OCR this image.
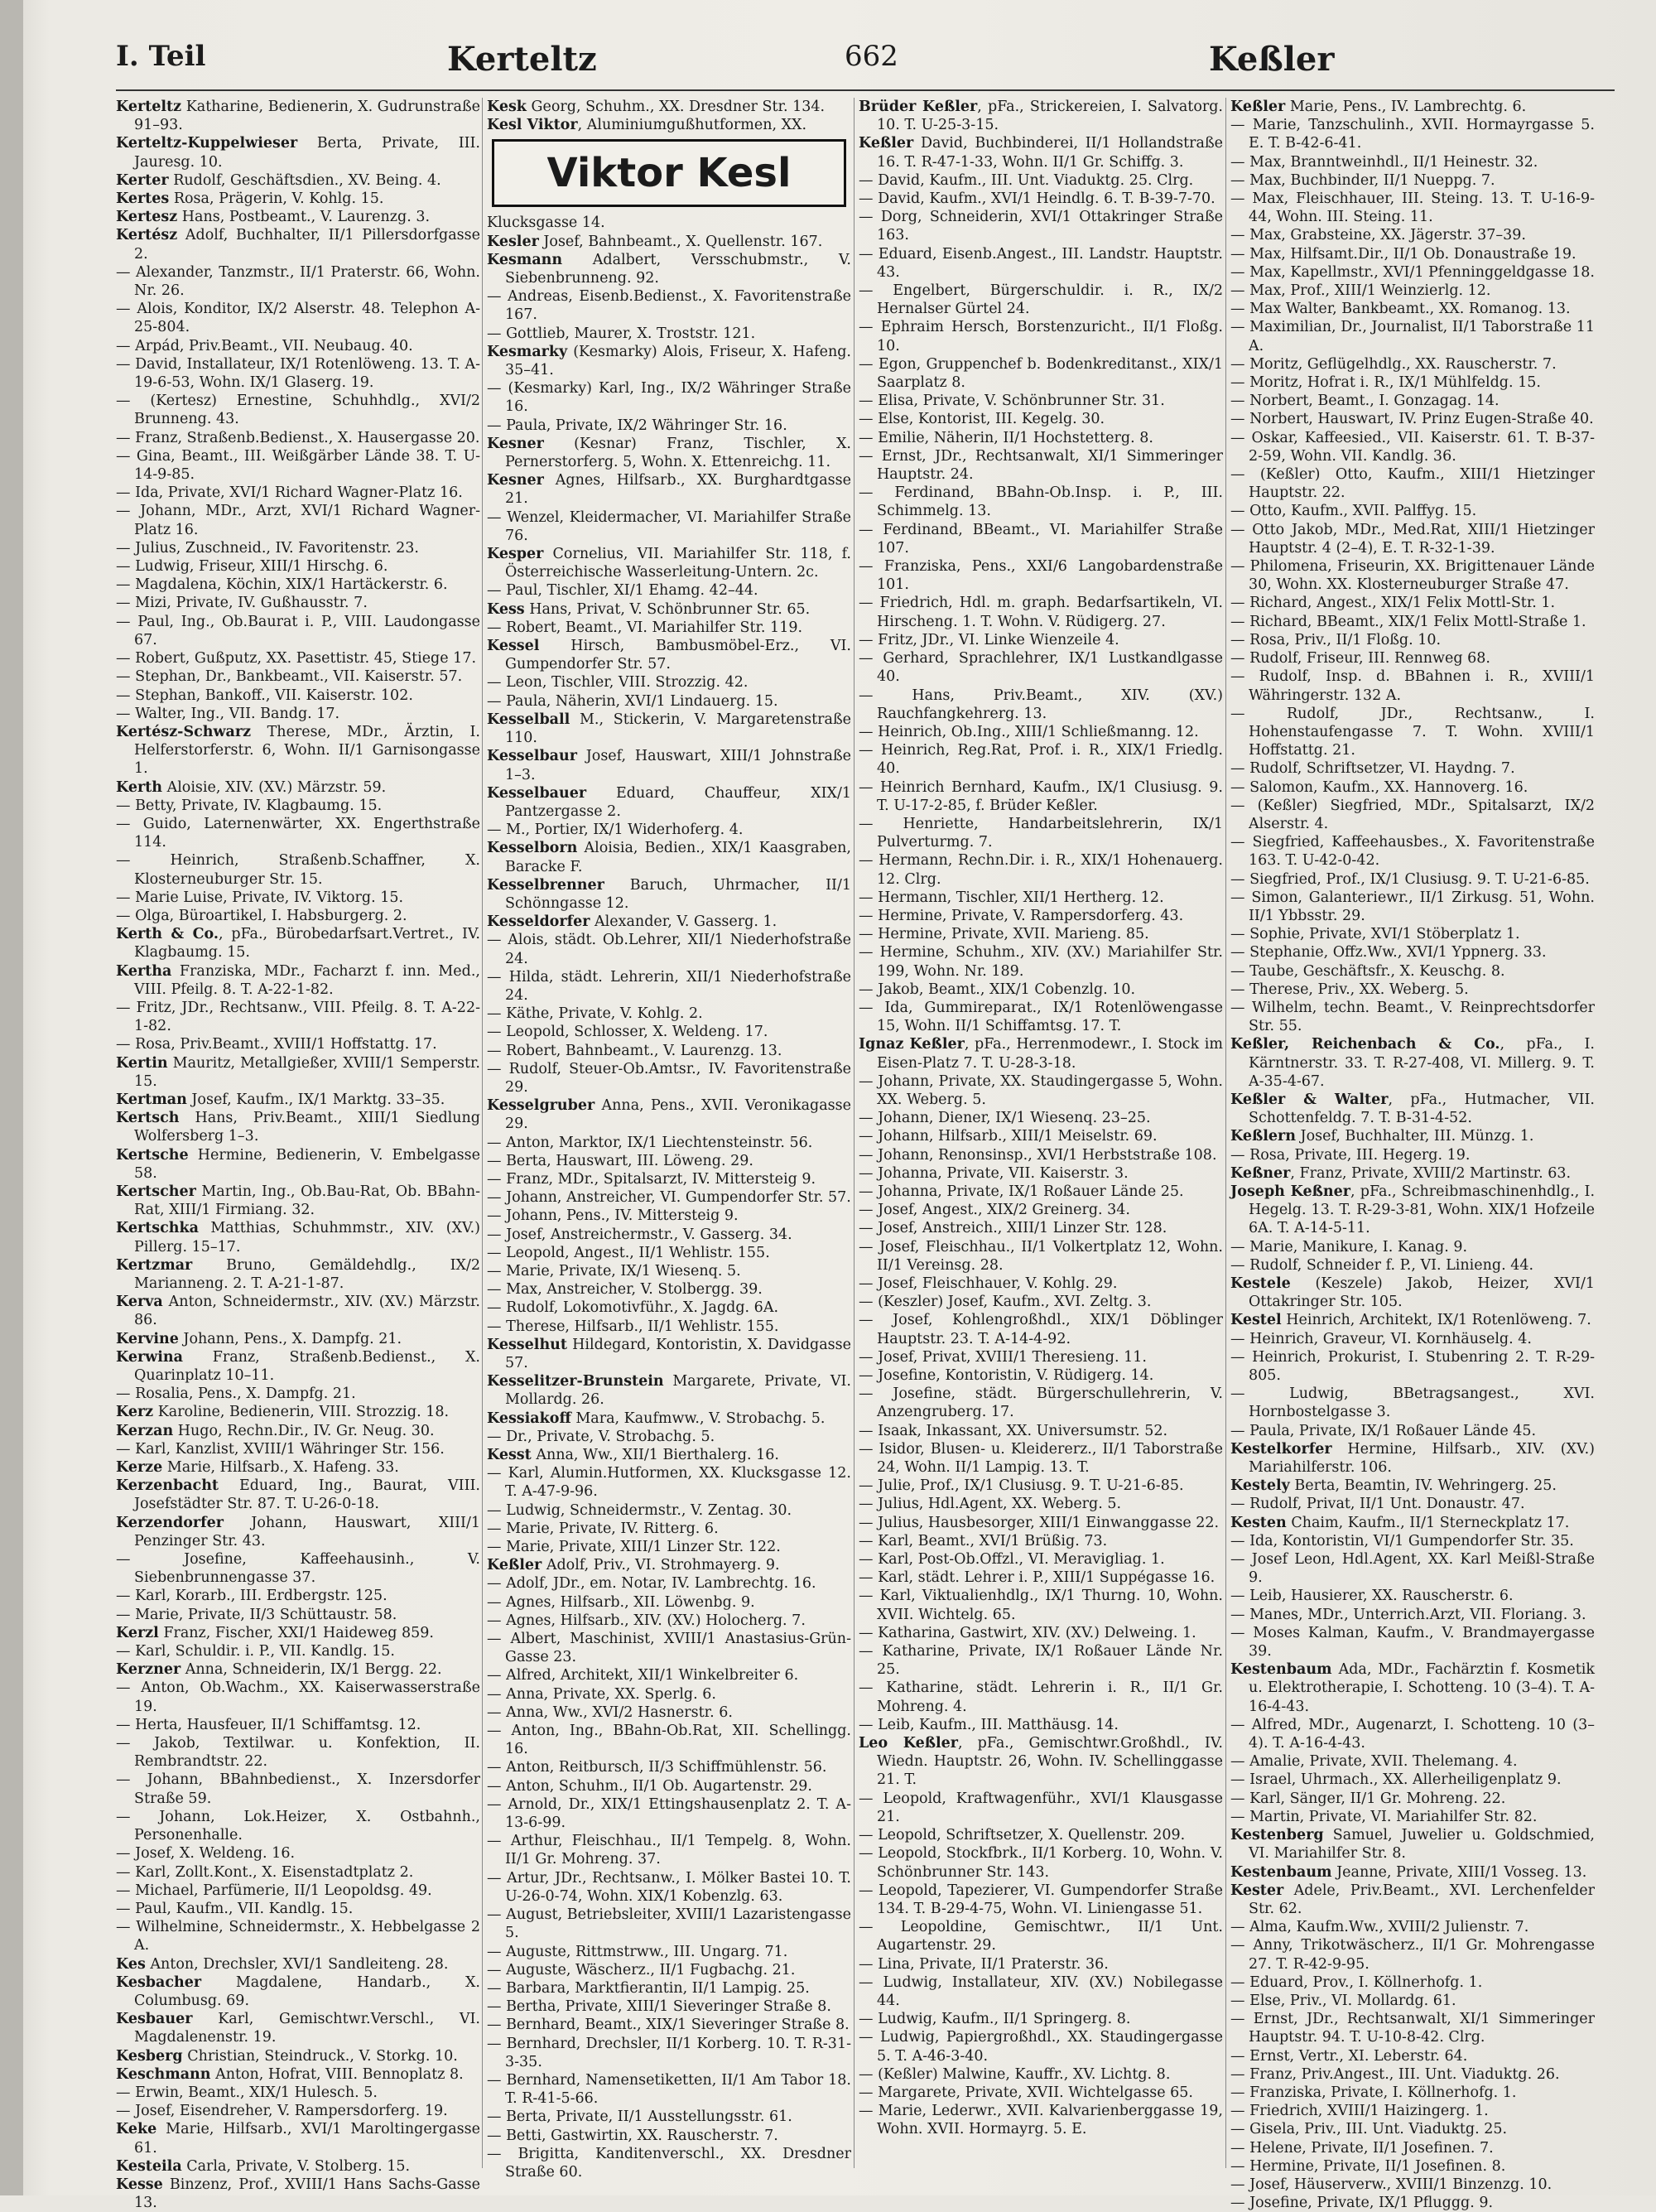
I. Teil	Kerteltz	662	Keßler

Kerteltz Katharine, Bedienerin, X. Gudrunstraße 91–93.

Kerteltz-Kuppelwieser Berta, Private, III. Jauresg. 10.

Kerter Rudolf, Geschäftsdien., XV. Being. 4.

Kertes Rosa, Prägerin, V. Kohlg. 15.

Kertesz Hans, Postbeamt., V. Laurenzg. 3.

Kertész Adolf, Buchhalter, II/1 Pillersdorfgasse 2.

— Alexander, Tanzmstr., II/1 Praterstr. 66, Wohn. Nr. 26.

— Alois, Konditor, IX/2 Alserstr. 48. Telephon A-25-804.

— Arpád, Priv.Beamt., VII. Neubaug. 40.

— David, Installateur, IX/1 Rotenlöweng. 13. T. A-19-6-53, Wohn. IX/1 Glaserg. 19.

— (Kertesz) Ernestine, Schuhhdlg., XVI/2 Brunneng. 43.

— Franz, Straßenb.Bedienst., X. Hausergasse 20.

— Gina, Beamt., III. Weißgärber Lände 38. T. U-14-9-85.

— Ida, Private, XVI/1 Richard Wagner-Platz 16.

— Johann, MDr., Arzt, XVI/1 Richard Wagner-Platz 16.

— Julius, Zuschneid., IV. Favoritenstr. 23.

— Ludwig, Friseur, XIII/1 Hirschg. 6.

— Magdalena, Köchin, XIX/1 Hartäckerstr. 6.

— Mizi, Private, IV. Gußhausstr. 7.

— Paul, Ing., Ob.Baurat i. P., VIII. Laudongasse 67.

— Robert, Gußputz, XX. Pasettistr. 45, Stiege 17.

— Stephan, Dr., Bankbeamt., VII. Kaiserstr. 57.

— Stephan, Bankoff., VII. Kaiserstr. 102.

— Walter, Ing., VII. Bandg. 17.

Kertész-Schwarz Therese, MDr., Ärztin, I. Helferstorferstr. 6, Wohn. II/1 Garnisongasse 1.

Kerth Aloisie, XIV. (XV.) Märzstr. 59.

— Betty, Private, IV. Klagbaumg. 15.

— Guido, Laternenwärter, XX. Engerthstraße 114.

— Heinrich, Straßenb.Schaffner, X. Klosterneuburger Str. 15.

— Marie Luise, Private, IV. Viktorg. 15.

— Olga, Büroartikel, I. Habsburgerg. 2.

Kerth & Co., pFa., Bürobedarfsart.Vertret., IV. Klagbaumg. 15.

Kertha Franziska, MDr., Facharzt f. inn. Med., VIII. Pfeilg. 8. T. A-22-1-82.

— Fritz, JDr., Rechtsanw., VIII. Pfeilg. 8. T. A-22-1-82.

— Rosa, Priv.Beamt., XVIII/1 Hoffstattg. 17.

Kertin Mauritz, Metallgießer, XVIII/1 Semperstr. 15.

Kertman Josef, Kaufm., IX/1 Marktg. 33–35.

Kertsch Hans, Priv.Beamt., XIII/1 Siedlung Wolfersberg 1–3.

Kertsche Hermine, Bedienerin, V. Embelgasse 58.

Kertscher Martin, Ing., Ob.Bau-Rat, Ob. BBahn-Rat, XIII/1 Firmiang. 32.

Kertschka Matthias, Schuhmmstr., XIV. (XV.) Pillerg. 15–17.

Kertzmar Bruno, Gemäldehdlg., IX/2 Marianneng. 2. T. A-21-1-87.

Kerva Anton, Schneidermstr., XIV. (XV.) Märzstr. 86.

Kervine Johann, Pens., X. Dampfg. 21.

Kerwina Franz, Straßenb.Bedienst., X. Quarinplatz 10–11.

— Rosalia, Pens., X. Dampfg. 21.

Kerz Karoline, Bedienerin, VIII. Strozzig. 18.

Kerzan Hugo, Rechn.Dir., IV. Gr. Neug. 30.

— Karl, Kanzlist, XVIII/1 Währinger Str. 156.

Kerze Marie, Hilfsarb., X. Hafeng. 33.

Kerzenbacht Eduard, Ing., Baurat, VIII. Josefstädter Str. 87. T. U-26-0-18.

Kerzendorfer Johann, Hauswart, XIII/1 Penzinger Str. 43.

— Josefine, Kaffeehausinh., V. Siebenbrunnengasse 37.

— Karl, Korarb., III. Erdbergstr. 125.

— Marie, Private, II/3 Schüttaustr. 58.

Kerzl Franz, Fischer, XXI/1 Haideweg 859.

— Karl, Schuldir. i. P., VII. Kandlg. 15.

Kerzner Anna, Schneiderin, IX/1 Bergg. 22.

— Anton, Ob.Wachm., XX. Kaiserwasserstraße 19.

— Herta, Hausfeuer, II/1 Schiffamtsg. 12.

— Jakob, Textilwar. u. Konfektion, II. Rembrandtstr. 22.

— Johann, BBahnbedienst., X. Inzersdorfer Straße 59.

— Johann, Lok.Heizer, X. Ostbahnh., Personenhalle.

— Josef, X. Weldeng. 16.

— Karl, Zollt.Kont., X. Eisenstadtplatz 2.

— Michael, Parfümerie, II/1 Leopoldsg. 49.

— Paul, Kaufm., VII. Kandlg. 15.

— Wilhelmine, Schneidermstr., X. Hebbelgasse 2 A.

Kes Anton, Drechsler, XVI/1 Sandleiteng. 28.

Kesbacher Magdalene, Handarb., X. Columbusg. 69.

Kesbauer Karl, Gemischtwr.Verschl., VI. Magdalenenstr. 19.

Kesberg Christian, Steindruck., V. Storkg. 10.

Keschmann Anton, Hofrat, VIII. Bennoplatz 8.

— Erwin, Beamt., XIX/1 Hulesch. 5.

— Josef, Eisendreher, V. Rampersdorferg. 19.

Keke Marie, Hilfsarb., XVI/1 Maroltingergasse 61.

Kesteila Carla, Private, V. Stolberg. 15.

Kesse Binzenz, Prof., XVIII/1 Hans Sachs-Gasse 13.

Kesk Georg, Schuhm., XX. Dresdner Str. 134.

Kesl Viktor, Aluminiumgußhutformen, XX.

Viktor Kesl

Klucksgasse 14.

Kesler Josef, Bahnbeamt., X. Quellenstr. 167.

Kesmann Adalbert, Versschubmstr., V. Siebenbrunneng. 92.

— Andreas, Eisenb.Bedienst., X. Favoritenstraße 167.

— Gottlieb, Maurer, X. Troststr. 121.

Kesmarky (Kesmarky) Alois, Friseur, X. Hafeng. 35–41.

— (Kesmarky) Karl, Ing., IX/2 Währinger Straße 16.

— Paula, Private, IX/2 Währinger Str. 16.

Kesner (Kesnar) Franz, Tischler, X. Pernerstorferg. 5, Wohn. X. Ettenreichg. 11.

Kesner Agnes, Hilfsarb., XX. Burghardtgasse 21.

— Wenzel, Kleidermacher, VI. Mariahilfer Straße 76.

Kesper Cornelius, VII. Mariahilfer Str. 118, f. Österreichische Wasserleitung-Untern. 2c.

— Paul, Tischler, XI/1 Ehamg. 42–44.

Kess Hans, Privat, V. Schönbrunner Str. 65.

— Robert, Beamt., VI. Mariahilfer Str. 119.

Kessel Hirsch, Bambusmöbel-Erz., VI. Gumpendorfer Str. 57.

— Leon, Tischler, VIII. Strozzig. 42.

— Paula, Näherin, XVI/1 Lindauerg. 15.

Kesselball M., Stickerin, V. Margaretenstraße 110.

Kesselbaur Josef, Hauswart, XIII/1 Johnstraße 1–3.

Kesselbauer Eduard, Chauffeur, XIX/1 Pantzergasse 2.

— M., Portier, IX/1 Widerhoferg. 4.

Kesselborn Aloisia, Bedien., XIX/1 Kaasgraben, Baracke F.

Kesselbrenner Baruch, Uhrmacher, II/1 Schönngasse 12.

Kesseldorfer Alexander, V. Gasserg. 1.

— Alois, städt. Ob.Lehrer, XII/1 Niederhofstraße 24.

— Hilda, städt. Lehrerin, XII/1 Niederhofstraße 24.

— Käthe, Private, V. Kohlg. 2.

— Leopold, Schlosser, X. Weldeng. 17.

— Robert, Bahnbeamt., V. Laurenzg. 13.

— Rudolf, Steuer-Ob.Amtsr., IV. Favoritenstraße 29.

Kesselgruber Anna, Pens., XVII. Veronikagasse 29.

— Anton, Marktor, IX/1 Liechtensteinstr. 56.

— Berta, Hauswart, III. Löweng. 29.

— Franz, MDr., Spitalsarzt, IV. Mittersteig 9.

— Johann, Anstreicher, VI. Gumpendorfer Str. 57.

— Johann, Pens., IV. Mittersteig 9.

— Josef, Anstreichermstr., V. Gasserg. 34.

— Leopold, Angest., II/1 Wehlistr. 155.

— Marie, Private, IX/1 Wiesenq. 5.

— Max, Anstreicher, V. Stolbergg. 39.

— Rudolf, Lokomotivführ., X. Jagdg. 6A.

— Therese, Hilfsarb., II/1 Wehlistr. 155.

Kesselhut Hildegard, Kontoristin, X. Davidgasse 57.

Kesselitzer-Brunstein Margarete, Private, VI. Mollardg. 26.

Kessiakoff Mara, Kaufmww., V. Strobachg. 5.

— Dr., Private, V. Strobachg. 5.

Kesst Anna, Ww., XII/1 Bierthalerg. 16.

— Karl, Alumin.Hutformen, XX. Klucksgasse 12. T. A-47-9-96.

— Ludwig, Schneidermstr., V. Zentag. 30.

— Marie, Private, IV. Ritterg. 6.

— Marie, Private, XIII/1 Linzer Str. 122.

Keßler Adolf, Priv., VI. Strohmayerg. 9.

— Adolf, JDr., em. Notar, IV. Lambrechtg. 16.

— Agnes, Hilfsarb., XII. Löwenbg. 9.

— Agnes, Hilfsarb., XIV. (XV.) Holocherg. 7.

— Albert, Maschinist, XVIII/1 Anastasius-Grün-Gasse 23.

— Alfred, Architekt, XII/1 Winkelbreiter 6.

— Anna, Private, XX. Sperlg. 6.

— Anna, Ww., XVI/2 Hasnerstr. 6.

— Anton, Ing., BBahn-Ob.Rat, XII. Schellingg. 16.

— Anton, Reitbursch, II/3 Schiffmühlenstr. 56.

— Anton, Schuhm., II/1 Ob. Augartenstr. 29.

— Arnold, Dr., XIX/1 Ettingshausenplatz 2. T. A-13-6-99.

— Arthur, Fleischhau., II/1 Tempelg. 8, Wohn. II/1 Gr. Mohreng. 37.

— Artur, JDr., Rechtsanw., I. Mölker Bastei 10. T. U-26-0-74, Wohn. XIX/1 Kobenzlg. 63.

— August, Betriebsleiter, XVIII/1 Lazaristengasse 5.

— Auguste, Rittmstrww., III. Ungarg. 71.

— Auguste, Wäscherz., II/1 Fugbachg. 21.

— Barbara, Marktfierantin, II/1 Lampig. 25.

— Bertha, Private, XIII/1 Sieveringer Straße 8.

— Bernhard, Beamt., XIX/1 Sieveringer Straße 8.

— Bernhard, Drechsler, II/1 Korberg. 10. T. R-31-3-35.

— Bernhard, Namensetiketten, II/1 Am Tabor 18. T. R-41-5-66.

— Berta, Private, II/1 Ausstellungsstr. 61.

— Betti, Gastwirtin, XX. Rauscherstr. 7.

— Brigitta, Kanditenverschl., XX. Dresdner Straße 60.

Brüder Keßler, pFa., Strickereien, I. Salvatorg. 10. T. U-25-3-15.

Keßler David, Buchbinderei, II/1 Hollandstraße 16. T. R-47-1-33, Wohn. II/1 Gr. Schiffg. 3.

— David, Kaufm., III. Unt. Viaduktg. 25. Clrg.

— David, Kaufm., XVI/1 Heindlg. 6. T. B-39-7-70.

— Dorg, Schneiderin, XVI/1 Ottakringer Straße 163.

— Eduard, Eisenb.Angest., III. Landstr. Hauptstr. 43.

— Engelbert, Bürgerschuldir. i. R., IX/2 Hernalser Gürtel 24.

— Ephraim Hersch, Borstenzuricht., II/1 Floßg. 10.

— Egon, Gruppenchef b. Bodenkreditanst., XIX/1 Saarplatz 8.

— Elisa, Private, V. Schönbrunner Str. 31.

— Else, Kontorist, III. Kegelg. 30.

— Emilie, Näherin, II/1 Hochstetterg. 8.

— Ernst, JDr., Rechtsanwalt, XI/1 Simmeringer Hauptstr. 24.

— Ferdinand, BBahn-Ob.Insp. i. P., III. Schimmelg. 13.

— Ferdinand, BBeamt., VI. Mariahilfer Straße 107.

— Franziska, Pens., XXI/6 Langobardenstraße 101.

— Friedrich, Hdl. m. graph. Bedarfsartikeln, VI. Hirscheng. 1. T. Wohn. V. Rüdigerg. 27.

— Fritz, JDr., VI. Linke Wienzeile 4.

— Gerhard, Sprachlehrer, IX/1 Lustkandlgasse 40.

— Hans, Priv.Beamt., XIV. (XV.) Rauchfangkehrerg. 13.

— Heinrich, Ob.Ing., XIII/1 Schließmanng. 12.

— Heinrich, Reg.Rat, Prof. i. R., XIX/1 Friedlg. 40.

— Heinrich Bernhard, Kaufm., IX/1 Clusiusg. 9. T. U-17-2-85, f. Brüder Keßler.

— Henriette, Handarbeitslehrerin, IX/1 Pulverturmg. 7.

— Hermann, Rechn.Dir. i. R., XIX/1 Hohenauerg. 12. Clrg.

— Hermann, Tischler, XII/1 Hertherg. 12.

— Hermine, Private, V. Rampersdorferg. 43.

— Hermine, Private, XVII. Marieng. 85.

— Hermine, Schuhm., XIV. (XV.) Mariahilfer Str. 199, Wohn. Nr. 189.

— Jakob, Beamt., XIX/1 Cobenzlg. 10.

— Ida, Gummireparat., IX/1 Rotenlöwengasse 15, Wohn. II/1 Schiffamtsg. 17. T.

Ignaz Keßler, pFa., Herrenmodewr., I. Stock im Eisen-Platz 7. T. U-28-3-18.

— Johann, Private, XX. Staudingergasse 5, Wohn. XX. Weberg. 5.

— Johann, Diener, IX/1 Wiesenq. 23–25.

— Johann, Hilfsarb., XIII/1 Meiselstr. 69.

— Johann, Renonsinsp., XVI/1 Herbststraße 108.

— Johanna, Private, VII. Kaiserstr. 3.

— Johanna, Private, IX/1 Roßauer Lände 25.

— Josef, Angest., XIX/2 Greinerg. 34.

— Josef, Anstreich., XIII/1 Linzer Str. 128.

— Josef, Fleischhau., II/1 Volkertplatz 12, Wohn. II/1 Vereinsg. 28.

— Josef, Fleischhauer, V. Kohlg. 29.

— (Keszler) Josef, Kaufm., XVI. Zeltg. 3.

— Josef, Kohlengroßhdl., XIX/1 Döblinger Hauptstr. 23. T. A-14-4-92.

— Josef, Privat, XVIII/1 Theresieng. 11.

— Josefine, Kontoristin, V. Rüdigerg. 14.

— Josefine, städt. Bürgerschullehrerin, V. Anzengruberg. 17.

— Isaak, Inkassant, XX. Universumstr. 52.

— Isidor, Blusen- u. Kleidererz., II/1 Taborstraße 24, Wohn. II/1 Lampig. 13. T.

— Julie, Prof., IX/1 Clusiusg. 9. T. U-21-6-85.

— Julius, Hdl.Agent, XX. Weberg. 5.

— Julius, Hausbesorger, XIII/1 Einwanggasse 22.

— Karl, Beamt., XVI/1 Brüßig. 73.

— Karl, Post-Ob.Offzl., VI. Meravigliag. 1.

— Karl, städt. Lehrer i. P., XIII/1 Suppégasse 16.

— Karl, Viktualienhdlg., IX/1 Thurng. 10, Wohn. XVII. Wichtelg. 65.

— Katharina, Gastwirt, XIV. (XV.) Delweing. 1.

— Katharine, Private, IX/1 Roßauer Lände Nr. 25.

— Katharine, städt. Lehrerin i. R., II/1 Gr. Mohreng. 4.

— Leib, Kaufm., III. Matthäusg. 14.

Leo Keßler, pFa., Gemischtwr.Großhdl., IV. Wiedn. Hauptstr. 26, Wohn. IV. Schellinggasse 21. T.

— Leopold, Kraftwagenführ., XVI/1 Klausgasse 21.

— Leopold, Schriftsetzer, X. Quellenstr. 209.

— Leopold, Stockfbrk., II/1 Korberg. 10, Wohn. V. Schönbrunner Str. 143.

— Leopold, Tapezierer, VI. Gumpendorfer Straße 134. T. B-29-4-75, Wohn. VI. Liniengasse 51.

— Leopoldine, Gemischtwr., II/1 Unt. Augartenstr. 29.

— Lina, Private, II/1 Praterstr. 36.

— Ludwig, Installateur, XIV. (XV.) Nobilegasse 44.

— Ludwig, Kaufm., II/1 Springerg. 8.

— Ludwig, Papiergroßhdl., XX. Staudingergasse 5. T. A-46-3-40.

— (Keßler) Malwine, Kauffr., XV. Lichtg. 8.

— Margarete, Private, XVII. Wichtelgasse 65.

— Marie, Lederwr., XVII. Kalvarienberggasse 19, Wohn. XVII. Hormayrg. 5. E.

Keßler Marie, Pens., IV. Lambrechtg. 6.

— Marie, Tanzschulinh., XVII. Hormayrgasse 5. E. T. B-42-6-41.

— Max, Branntweinhdl., II/1 Heinestr. 32.

— Max, Buchbinder, II/1 Nueppg. 7.

— Max, Fleischhauer, III. Steing. 13. T. U-16-9-44, Wohn. III. Steing. 11.

— Max, Grabsteine, XX. Jägerstr. 37–39.

— Max, Hilfsamt.Dir., II/1 Ob. Donaustraße 19.

— Max, Kapellmstr., XVI/1 Pfenninggeldgasse 18.

— Max, Prof., XIII/1 Weinzierlg. 12.

— Max Walter, Bankbeamt., XX. Romanog. 13.

— Maximilian, Dr., Journalist, II/1 Taborstraße 11 A.

— Moritz, Geflügelhdlg., XX. Rauscherstr. 7.

— Moritz, Hofrat i. R., IX/1 Mühlfeldg. 15.

— Norbert, Beamt., I. Gonzagag. 14.

— Norbert, Hauswart, IV. Prinz Eugen-Straße 40.

— Oskar, Kaffeesied., VII. Kaiserstr. 61. T. B-37-2-59, Wohn. VII. Kandlg. 36.

— (Keßler) Otto, Kaufm., XIII/1 Hietzinger Hauptstr. 22.

— Otto, Kaufm., XVII. Palffyg. 15.

— Otto Jakob, MDr., Med.Rat, XIII/1 Hietzinger Hauptstr. 4 (2–4), E. T. R-32-1-39.

— Philomena, Friseurin, XX. Brigittenauer Lände 30, Wohn. XX. Klosterneuburger Straße 47.

— Richard, Angest., XIX/1 Felix Mottl-Str. 1.

— Richard, BBeamt., XIX/1 Felix Mottl-Straße 1.

— Rosa, Priv., II/1 Floßg. 10.

— Rudolf, Friseur, III. Rennweg 68.

— Rudolf, Insp. d. BBahnen i. R., XVIII/1 Währingerstr. 132 A.

— Rudolf, JDr., Rechtsanw., I. Hohenstaufengasse 7. T. Wohn. XVIII/1 Hoffstattg. 21.

— Rudolf, Schriftsetzer, VI. Haydng. 7.

— Salomon, Kaufm., XX. Hannoverg. 16.

— (Keßler) Siegfried, MDr., Spitalsarzt, IX/2 Alserstr. 4.

— Siegfried, Kaffeehausbes., X. Favoritenstraße 163. T. U-42-0-42.

— Siegfried, Prof., IX/1 Clusiusg. 9. T. U-21-6-85.

— Simon, Galanteriewr., II/1 Zirkusg. 51, Wohn. II/1 Ybbsstr. 29.

— Sophie, Private, XVI/1 Stöberplatz 1.

— Stephanie, Offz.Ww., XVI/1 Yppnerg. 33.

— Taube, Geschäftsfr., X. Keuschg. 8.

— Therese, Priv., XX. Weberg. 5.

— Wilhelm, techn. Beamt., V. Reinprechtsdorfer Str. 55.

Keßler, Reichenbach & Co., pFa., I. Kärntnerstr. 33. T. R-27-408, VI. Millerg. 9. T. A-35-4-67.

Keßler & Walter, pFa., Hutmacher, VII. Schottenfeldg. 7. T. B-31-4-52.

Keßlern Josef, Buchhalter, III. Münzg. 1.

— Rosa, Private, III. Hegerg. 19.

Keßner, Franz, Private, XVIII/2 Martinstr. 63.

Joseph Keßner, pFa., Schreibmaschinenhdlg., I. Hegelg. 13. T. R-29-3-81, Wohn. XIX/1 Hofzeile 6A. T. A-14-5-11.

— Marie, Manikure, I. Kanag. 9.

— Rudolf, Schneider f. P., VI. Linieng. 44.

Kestele (Keszele) Jakob, Heizer, XVI/1 Ottakringer Str. 105.

Kestel Heinrich, Architekt, IX/1 Rotenlöweng. 7.

— Heinrich, Graveur, VI. Kornhäuselg. 4.

— Heinrich, Prokurist, I. Stubenring 2. T. R-29-805.

— Ludwig, BBetragsangest., XVI. Hornbostelgasse 3.

— Paula, Private, IX/1 Roßauer Lände 45.

Kestelkorfer Hermine, Hilfsarb., XIV. (XV.) Mariahilferstr. 106.

Kestely Berta, Beamtin, IV. Wehringerg. 25.

— Rudolf, Privat, II/1 Unt. Donaustr. 47.

Kesten Chaim, Kaufm., II/1 Sterneckplatz 17.

— Ida, Kontoristin, VI/1 Gumpendorfer Str. 35.

— Josef Leon, Hdl.Agent, XX. Karl Meißl-Straße 9.

— Leib, Hausierer, XX. Rauscherstr. 6.

— Manes, MDr., Unterrich.Arzt, VII. Floriang. 3.

— Moses Kalman, Kaufm., V. Brandmayergasse 39.

Kestenbaum Ada, MDr., Fachärztin f. Kosmetik u. Elektrotherapie, I. Schotteng. 10 (3–4). T. A-16-4-43.

— Alfred, MDr., Augenarzt, I. Schotteng. 10 (3–4). T. A-16-4-43.

— Amalie, Private, XVII. Thelemang. 4.

— Israel, Uhrmach., XX. Allerheiligenplatz 9.

— Karl, Sänger, II/1 Gr. Mohreng. 22.

— Martin, Private, VI. Mariahilfer Str. 82.

Kestenberg Samuel, Juwelier u. Goldschmied, VI. Mariahilfer Str. 8.

Kestenbaum Jeanne, Private, XIII/1 Vosseg. 13.

Kester Adele, Priv.Beamt., XVI. Lerchenfelder Str. 62.

— Alma, Kaufm.Ww., XVIII/2 Julienstr. 7.

— Anny, Trikotwäscherz., II/1 Gr. Mohrengasse 27. T. R-42-9-95.

— Eduard, Prov., I. Köllnerhofg. 1.

— Else, Priv., VI. Mollardg. 61.

— Ernst, JDr., Rechtsanwalt, XI/1 Simmeringer Hauptstr. 94. T. U-10-8-42. Clrg.

— Ernst, Vertr., XI. Leberstr. 64.

— Franz, Priv.Angest., III. Unt. Viaduktg. 26.

— Franziska, Private, I. Köllnerhofg. 1.

— Friedrich, XVIII/1 Haizingerg. 1.

— Gisela, Priv., III. Unt. Viaduktg. 25.

— Helene, Private, II/1 Josefinen. 7.

— Hermine, Private, II/1 Josefinen. 8.

— Josef, Häuserverw., XVIII/1 Binzenzg. 10.

— Josefine, Private, IX/1 Pfluggg. 9.
